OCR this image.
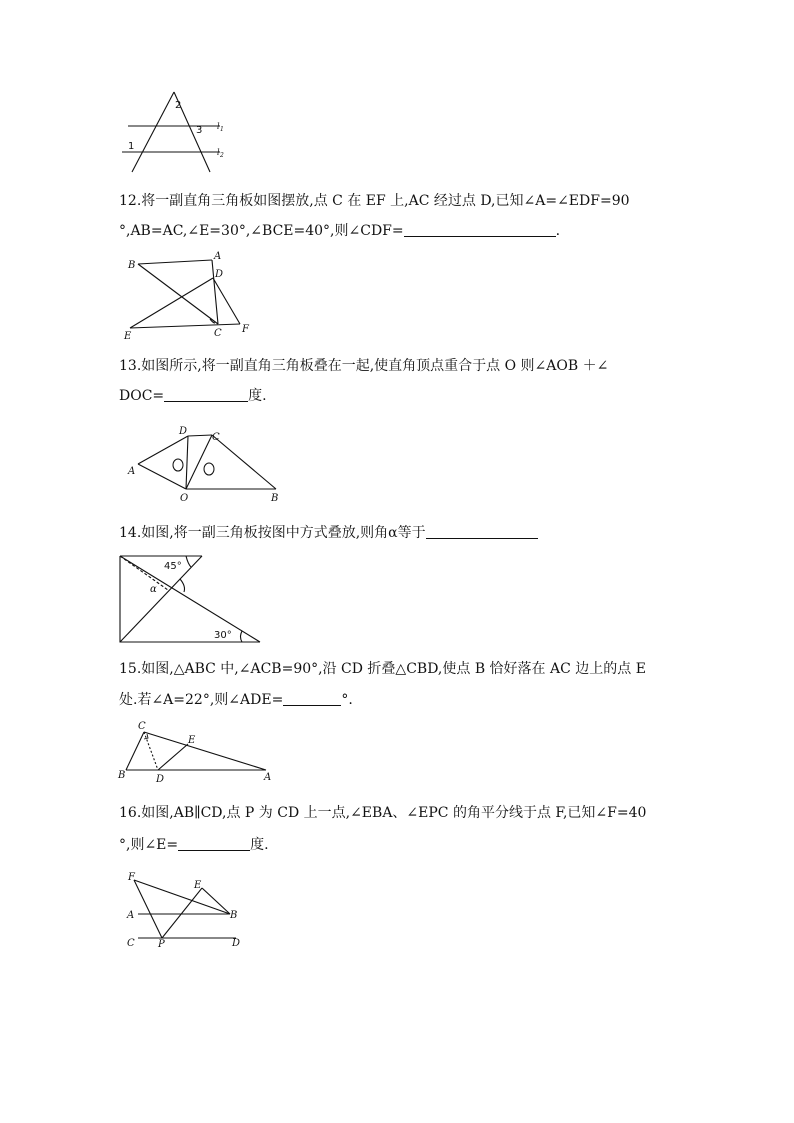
2
3
1
l 1
l 2
12.将一副直角三角板如图摆放,点 C 在 EF 上,AC 经过点 D,已知∠A=∠EDF=90
°,AB=AC,∠E=30°,∠BCE=40°,则∠CDF=	.
B
A
D
E	C F
13.如图所示,将一副直角三角板叠在一起,使直角顶点重合于点 O 则∠AOB ＋∠
DOC=	度.
D
C
A
O	B
14.如图,将一副三角板按图中方式叠放,则角α等于
45°
α
30°
15.如图,△ABC 中,∠ACB=90°,沿 CD 折叠△CBD,使点 B 恰好落在 AC 边上的点 E
处.若∠A=22°,则∠ADE=	°.
C
E
B	D	A
16.如图,AB∥CD,点 P 为 CD 上一点,∠EBA、∠EPC 的角平分线于点 F,已知∠F=40
°,则∠E=	度.
F
E
A	B
C P	D
